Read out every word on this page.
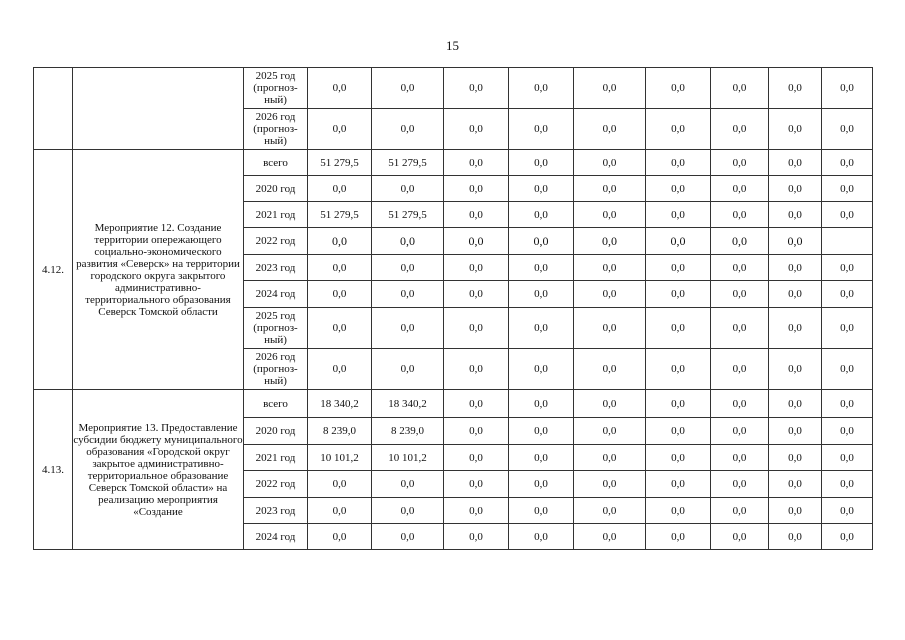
15
		2025 год (прогноз- ный)	0,0	0,0	0,0	0,0	0,0	0,0	0,0	0,0	0,0
		2026 год (прогноз- ный)	0,0	0,0	0,0	0,0	0,0	0,0	0,0	0,0	0,0
4.12.	Мероприятие 12. Создание территории опережающего социально-экономического развития «Северск» на территории городского округа закрытого административно-территориального образования Северск Томской области	всего	51 279,5	51 279,5	0,0	0,0	0,0	0,0	0,0	0,0	0,0
		2020 год	0,0	0,0	0,0	0,0	0,0	0,0	0,0	0,0	0,0
		2021 год	51 279,5	51 279,5	0,0	0,0	0,0	0,0	0,0	0,0	0,0
		2022 год	0,0	0,0	0,0	0,0	0,0	0,0	0,0	0,0	
		2023 год	0,0	0,0	0,0	0,0	0,0	0,0	0,0	0,0	0,0
		2024 год	0,0	0,0	0,0	0,0	0,0	0,0	0,0	0,0	0,0
		2025 год (прогноз- ный)	0,0	0,0	0,0	0,0	0,0	0,0	0,0	0,0	0,0
		2026 год (прогноз- ный)	0,0	0,0	0,0	0,0	0,0	0,0	0,0	0,0	0,0
4.13.	Мероприятие 13. Предоставление субсидии бюджету муниципального образования «Городской округ закрытое административно-территориальное образование Северск Томской области» на реализацию мероприятия «Создание	всего	18 340,2	18 340,2	0,0	0,0	0,0	0,0	0,0	0,0	0,0
		2020 год	8 239,0	8 239,0	0,0	0,0	0,0	0,0	0,0	0,0	0,0
		2021 год	10 101,2	10 101,2	0,0	0,0	0,0	0,0	0,0	0,0	0,0
		2022 год	0,0	0,0	0,0	0,0	0,0	0,0	0,0	0,0	0,0
		2023 год	0,0	0,0	0,0	0,0	0,0	0,0	0,0	0,0	0,0
		2024 год	0,0	0,0	0,0	0,0	0,0	0,0	0,0	0,0	0,0
